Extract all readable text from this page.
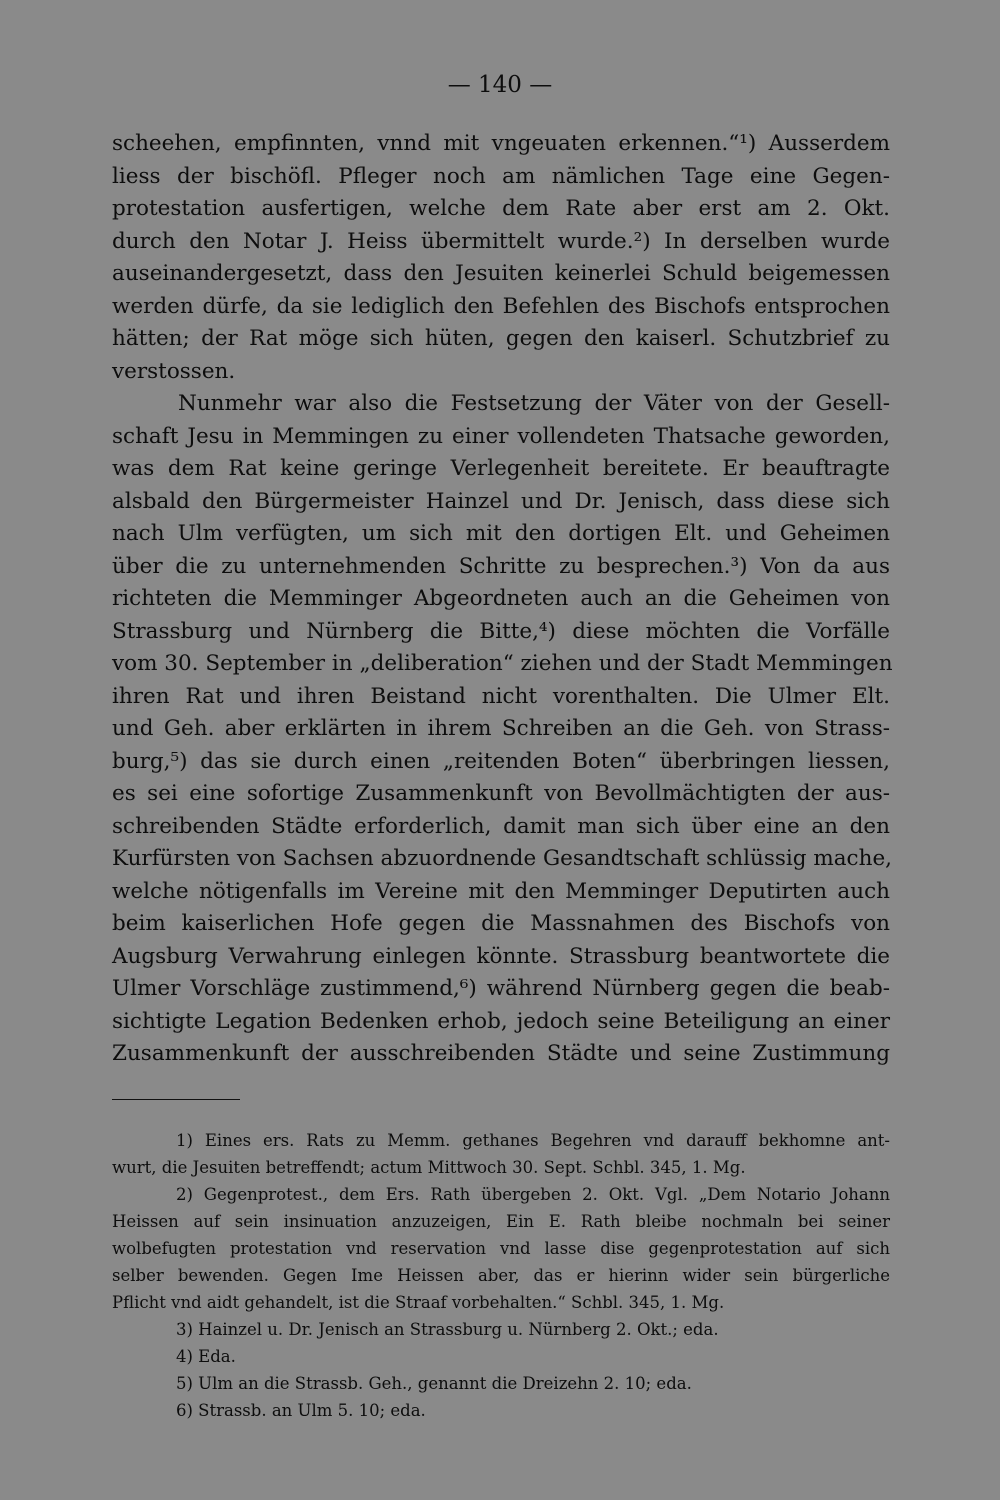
— 140 —
scheehen, empfinnten, vnnd mit vngeuaten erkennen.“¹) Ausserdem
liess der bischöfl. Pfleger noch am nämlichen Tage eine Gegen-
protestation ausfertigen, welche dem Rate aber erst am 2. Okt.
durch den Notar J. Heiss übermittelt wurde.²) In derselben wurde
auseinandergesetzt, dass den Jesuiten keinerlei Schuld beigemessen
werden dürfe, da sie lediglich den Befehlen des Bischofs entsprochen
hätten; der Rat möge sich hüten, gegen den kaiserl. Schutzbrief zu
verstossen.
Nunmehr war also die Festsetzung der Väter von der Gesell-
schaft Jesu in Memmingen zu einer vollendeten Thatsache geworden,
was dem Rat keine geringe Verlegenheit bereitete. Er beauftragte
alsbald den Bürgermeister Hainzel und Dr. Jenisch, dass diese sich
nach Ulm verfügten, um sich mit den dortigen Elt. und Geheimen
über die zu unternehmenden Schritte zu besprechen.³) Von da aus
richteten die Memminger Abgeordneten auch an die Geheimen von
Strassburg und Nürnberg die Bitte,⁴) diese möchten die Vorfälle
vom 30. September in „deliberation“ ziehen und der Stadt Memmingen
ihren Rat und ihren Beistand nicht vorenthalten. Die Ulmer Elt.
und Geh. aber erklärten in ihrem Schreiben an die Geh. von Strass-
burg,⁵) das sie durch einen „reitenden Boten“ überbringen liessen,
es sei eine sofortige Zusammenkunft von Bevollmächtigten der aus-
schreibenden Städte erforderlich, damit man sich über eine an den
Kurfürsten von Sachsen abzuordnende Gesandtschaft schlüssig mache,
welche nötigenfalls im Vereine mit den Memminger Deputirten auch
beim kaiserlichen Hofe gegen die Massnahmen des Bischofs von
Augsburg Verwahrung einlegen könnte. Strassburg beantwortete die
Ulmer Vorschläge zustimmend,⁶) während Nürnberg gegen die beab-
sichtigte Legation Bedenken erhob, jedoch seine Beteiligung an einer
Zusammenkunft der ausschreibenden Städte und seine Zustimmung
1) Eines ers. Rats zu Memm. gethanes Begehren vnd darauff bekhomne ant-
wurt, die Jesuiten betreffendt; actum Mittwoch 30. Sept. Schbl. 345, 1. Mg.
2) Gegenprotest., dem Ers. Rath übergeben 2. Okt. Vgl. „Dem Notario Johann
Heissen auf sein insinuation anzuzeigen, Ein E. Rath bleibe nochmaln bei seiner
wolbefugten protestation vnd reservation vnd lasse dise gegenprotestation auf sich
selber bewenden. Gegen Ime Heissen aber, das er hierinn wider sein bürgerliche
Pflicht vnd aidt gehandelt, ist die Straaf vorbehalten.“ Schbl. 345, 1. Mg.
3) Hainzel u. Dr. Jenisch an Strassburg u. Nürnberg 2. Okt.; eda.
4) Eda.
5) Ulm an die Strassb. Geh., genannt die Dreizehn 2. 10; eda.
6) Strassb. an Ulm 5. 10; eda.
